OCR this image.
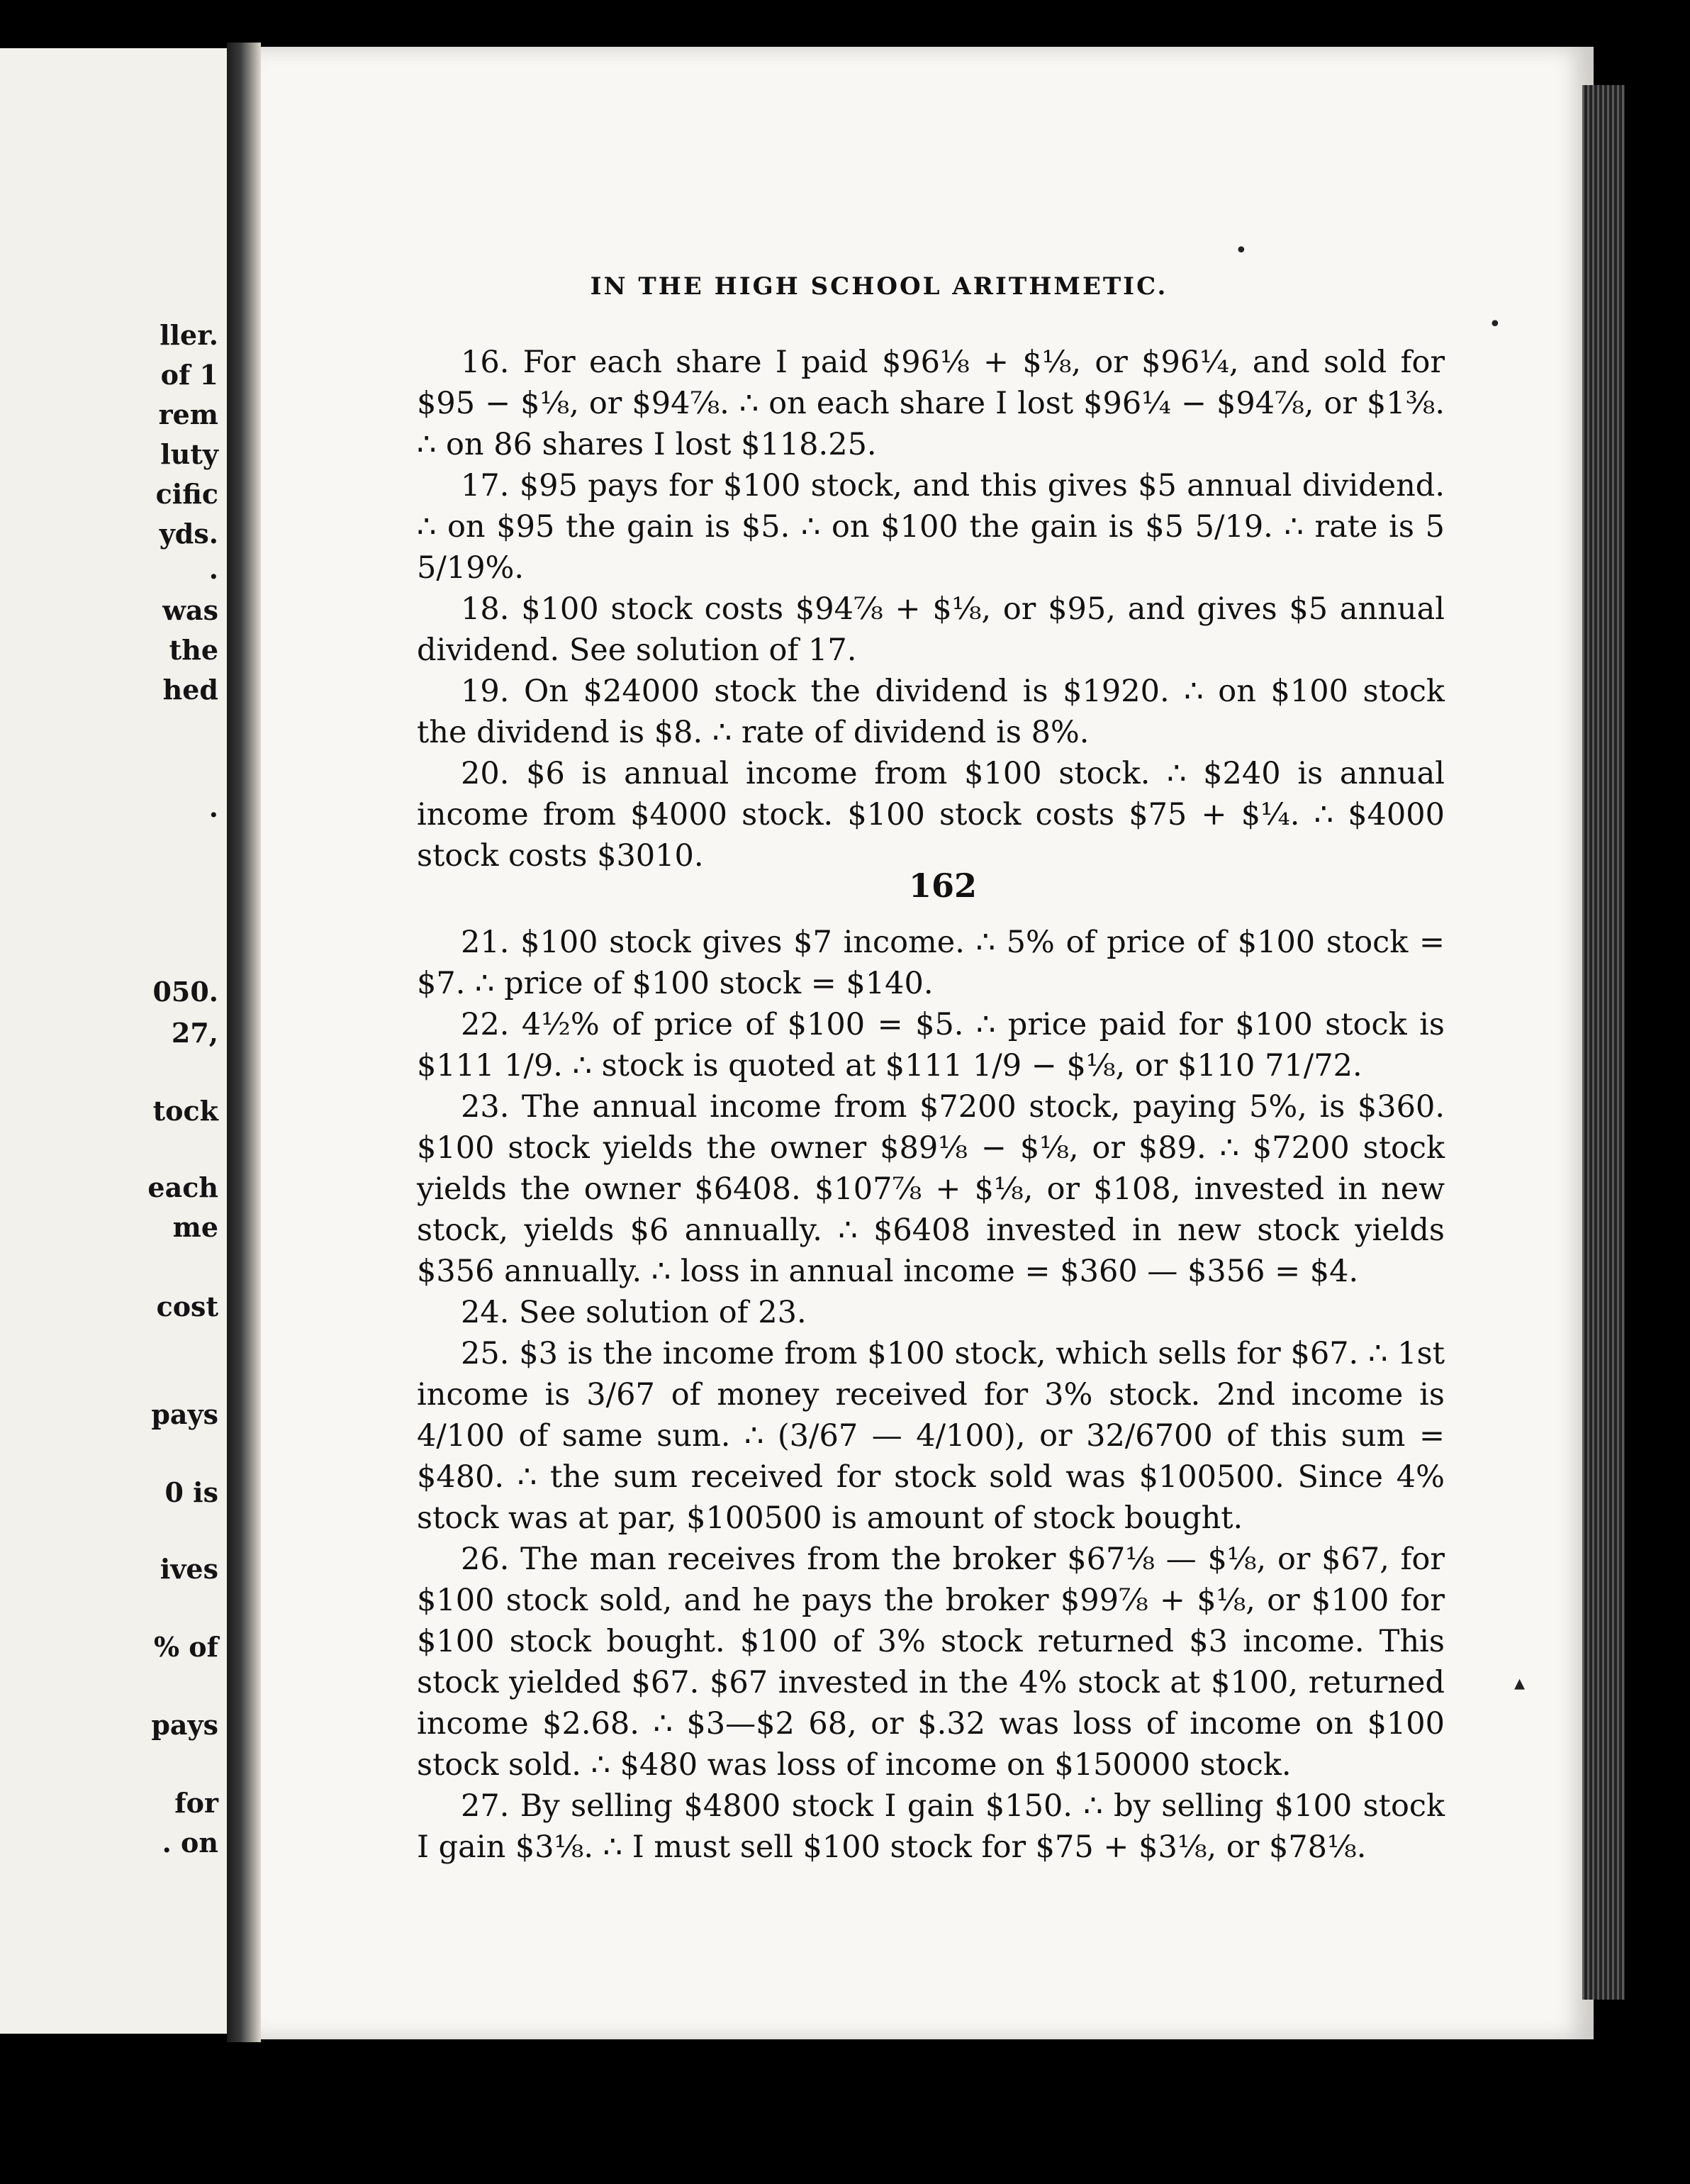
ller.
of 1
rem
luty
cific
yds.
.
was
the
hed
.
050.
27,
tock
each
me
cost
pays
0 is
ives
% of
pays
for
. on
•
•
▴
IN THE HIGH SCHOOL ARITHMETIC.

16. For each share I paid $96⅛ + $⅛, or $96¼, and sold for $95 − $⅛, or $94⅞. ∴ on each share I lost $96¼ − $94⅞, or $1⅜. ∴ on 86 shares I lost $118.25.

17. $95 pays for $100 stock, and this gives $5 annual dividend. ∴ on $95 the gain is $5. ∴ on $100 the gain is $5 5/19. ∴ rate is 5 5/19%.

18. $100 stock costs $94⅞ + $⅛, or $95, and gives $5 annual dividend. See solution of 17.

19. On $24000 stock the dividend is $1920. ∴ on $100 stock the dividend is $8. ∴ rate of dividend is 8%.

20. $6 is annual income from $100 stock. ∴ $240 is annual income from $4000 stock. $100 stock costs $75 + $¼. ∴ $4000 stock costs $3010.

162

21. $100 stock gives $7 income. ∴ 5% of price of $100 stock = $7. ∴ price of $100 stock = $140.

22. 4½% of price of $100 = $5. ∴ price paid for $100 stock is $111 1/9. ∴ stock is quoted at $111 1/9 − $⅛, or $110 71/72.

23. The annual income from $7200 stock, paying 5%, is $360. $100 stock yields the owner $89⅛ − $⅛, or $89. ∴ $7200 stock yields the owner $6408. $107⅞ + $⅛, or $108, invested in new stock, yields $6 annually. ∴ $6408 invested in new stock yields $356 annually. ∴ loss in annual income = $360 — $356 = $4.

24. See solution of 23.

25. $3 is the income from $100 stock, which sells for $67. ∴ 1st income is 3/67 of money received for 3% stock. 2nd income is 4/100 of same sum. ∴ (3/67 — 4/100), or 32/6700 of this sum = $480. ∴ the sum received for stock sold was $100500. Since 4% stock was at par, $100500 is amount of stock bought.

26. The man receives from the broker $67⅛ — $⅛, or $67, for $100 stock sold, and he pays the broker $99⅞ + $⅛, or $100 for $100 stock bought. $100 of 3% stock returned $3 income. This stock yielded $67. $67 invested in the 4% stock at $100, returned income $2.68. ∴ $3—$2 68, or $.32 was loss of income on $100 stock sold. ∴ $480 was loss of income on $150000 stock.

27. By selling $4800 stock I gain $150. ∴ by selling $100 stock I gain $3⅛. ∴ I must sell $100 stock for $75 + $3⅛, or $78⅛.
